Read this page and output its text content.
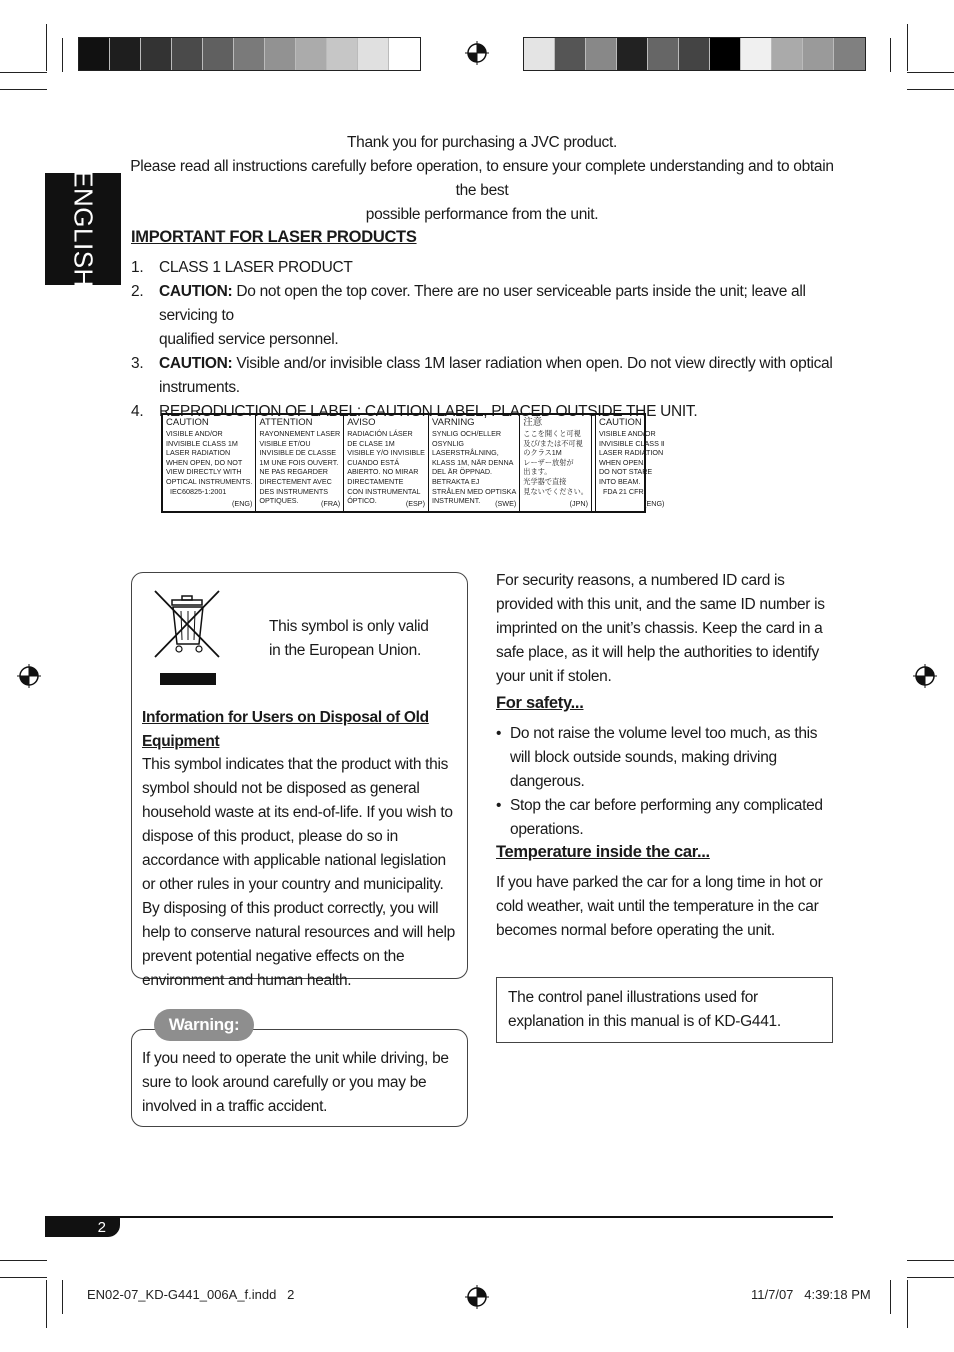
ENGLISH
Thank you for purchasing a JVC product.
Please read all instructions carefully before operation, to ensure your complete understanding and to obtain the best
possible performance from the unit.
IMPORTANT FOR LASER PRODUCTS
1. CLASS 1 LASER PRODUCT
2. CAUTION: Do not open the top cover. There are no user serviceable parts inside the unit; leave all servicing to
qualified service personnel.
3. CAUTION: Visible and/or invisible class 1M laser radiation when open. Do not view directly with optical
instruments.
4. REPRODUCTION OF LABEL: CAUTION LABEL, PLACED OUTSIDE THE UNIT.
CAUTION
VISIBLE AND/OR
INVISIBLE CLASS 1M
LASER RADIATION
WHEN OPEN, DO NOT
VIEW DIRECTLY WITH
OPTICAL INSTRUMENTS.
IEC60825-1:2001
(ENG)
ATTENTION
RAYONNEMENT LASER
VISIBLE ET/OU
INVISIBLE DE CLASSE
1M UNE FOIS OUVERT.
NE PAS REGARDER
DIRECTEMENT AVEC
DES INSTRUMENTS
OPTIQUES.	(FRA)
AVISO
RADIACIÓN LÁSER
DE CLASE 1M
VISIBLE Y/O INVISIBLE
CUANDO ESTÁ
ABIERTO. NO MIRAR
DIRECTAMENTE
CON INSTRUMENTAL
ÓPTICO.	(ESP)
VARNING
SYNLIG OCH/ELLER
OSYNLIG
LASERSTRÅLNING,
KLASS 1M, NÄR DENNA
DEL ÄR ÖPPNAD.
BETRAKTA EJ
STRÅLEN MED OPTISKA
INSTRUMENT.	(SWE)
注意
ここを開くと可視
及び/または不可視
のクラス1M
レーザー放射が
出ます。
光学器で直接
見ないでください。
(JPN)
CAUTION
VISIBLE AND/OR
INVISIBLE CLASS Ⅱ
LASER RADIATION
WHEN OPEN.
DO NOT STARE
INTO BEAM.
FDA 21 CFR
(ENG)
This symbol is only valid in the European Union.
Information for Users on Disposal of Old Equipment
This symbol indicates that the product with this symbol should not be disposed as general household waste at its end-of-life. If you wish to dispose of this product, please do so in accordance with applicable national legislation or other rules in your country and municipality. By disposing of this product correctly, you will help to conserve natural resources and will help prevent potential negative effects on the environment and human health.
Warning:
If you need to operate the unit while driving, be sure to look around carefully or you may be involved in a traffic accident.
For security reasons, a numbered ID card is provided with this unit, and the same ID number is imprinted on the unit’s chassis. Keep the card in a safe place, as it will help the authorities to identify your unit if stolen.
For safety...
• Do not raise the volume level too much, as this will block outside sounds, making driving dangerous.
• Stop the car before performing any complicated operations.
Temperature inside the car...
If you have parked the car for a long time in hot or cold weather, wait until the temperature in the car becomes normal before operating the unit.
The control panel illustrations used for explanation in this manual is of KD-G441.
2
EN02-07_KD-G441_006A_f.indd   2	11/7/07   4:39:18 PM
